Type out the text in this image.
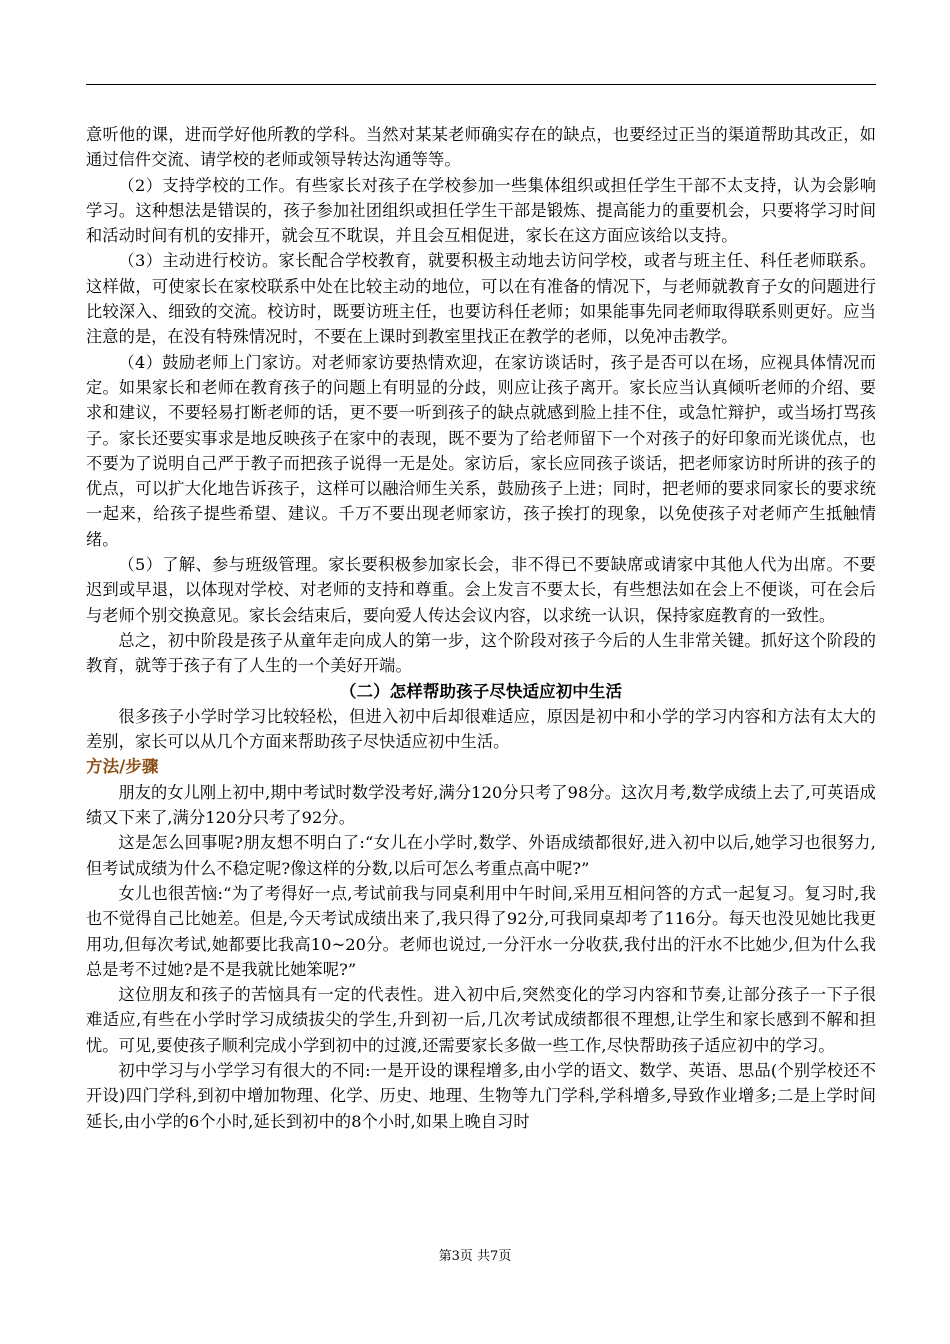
意听他的课，进而学好他所教的学科。当然对某某老师确实存在的缺点，也要经过正当的渠道帮助其改正，如通过信件交流、请学校的老师或领导转达沟通等等。

（2）支持学校的工作。有些家长对孩子在学校参加一些集体组织或担任学生干部不太支持，认为会影响学习。这种想法是错误的，孩子参加社团组织或担任学生干部是锻炼、提高能力的重要机会，只要将学习时间和活动时间有机的安排开，就会互不耽误，并且会互相促进，家长在这方面应该给以支持。

（3）主动进行校访。家长配合学校教育，就要积极主动地去访问学校，或者与班主任、科任老师联系。这样做，可使家长在家校联系中处在比较主动的地位，可以在有准备的情况下，与老师就教育子女的问题进行比较深入、细致的交流。校访时，既要访班主任，也要访科任老师；如果能事先同老师取得联系则更好。应当注意的是，在没有特殊情况时，不要在上课时到教室里找正在教学的老师，以免冲击教学。

（4）鼓励老师上门家访。对老师家访要热情欢迎，在家访谈话时，孩子是否可以在场，应视具体情况而定。如果家长和老师在教育孩子的问题上有明显的分歧，则应让孩子离开。家长应当认真倾听老师的介绍、要求和建议，不要轻易打断老师的话，更不要一听到孩子的缺点就感到脸上挂不住，或急忙辩护，或当场打骂孩子。家长还要实事求是地反映孩子在家中的表现，既不要为了给老师留下一个对孩子的好印象而光谈优点，也不要为了说明自己严于教子而把孩子说得一无是处。家访后，家长应同孩子谈话，把老师家访时所讲的孩子的优点，可以扩大化地告诉孩子，这样可以融洽师生关系，鼓励孩子上进；同时，把老师的要求同家长的要求统一起来，给孩子提些希望、建议。千万不要出现老师家访，孩子挨打的现象，以免使孩子对老师产生抵触情绪。

（5）了解、参与班级管理。家长要积极参加家长会，非不得已不要缺席或请家中其他人代为出席。不要迟到或早退，以体现对学校、对老师的支持和尊重。会上发言不要太长，有些想法如在会上不便谈，可在会后与老师个别交换意见。家长会结束后，要向爱人传达会议内容，以求统一认识，保持家庭教育的一致性。

总之，初中阶段是孩子从童年走向成人的第一步，这个阶段对孩子今后的人生非常关键。抓好这个阶段的教育，就等于孩子有了人生的一个美好开端。

（二）怎样帮助孩子尽快适应初中生活

很多孩子小学时学习比较轻松，但进入初中后却很难适应，原因是初中和小学的学习内容和方法有太大的差别，家长可以从几个方面来帮助孩子尽快适应初中生活。

方法/步骤

朋友的女儿刚上初中,期中考试时数学没考好,满分120分只考了98分。这次月考,数学成绩上去了,可英语成绩又下来了,满分120分只考了92分。

这是怎么回事呢?朋友想不明白了:“女儿在小学时,数学、外语成绩都很好,进入初中以后,她学习也很努力,但考试成绩为什么不稳定呢?像这样的分数,以后可怎么考重点高中呢?”

女儿也很苦恼:“为了考得好一点,考试前我与同桌利用中午时间,采用互相问答的方式一起复习。复习时,我也不觉得自己比她差。但是,今天考试成绩出来了,我只得了92分,可我同桌却考了116分。每天也没见她比我更用功,但每次考试,她都要比我高10~20分。老师也说过,一分汗水一分收获,我付出的汗水不比她少,但为什么我总是考不过她?是不是我就比她笨呢?”

这位朋友和孩子的苦恼具有一定的代表性。进入初中后,突然变化的学习内容和节奏,让部分孩子一下子很难适应,有些在小学时学习成绩拔尖的学生,升到初一后,几次考试成绩都很不理想,让学生和家长感到不解和担忧。可见,要使孩子顺利完成小学到初中的过渡,还需要家长多做一些工作,尽快帮助孩子适应初中的学习。

初中学习与小学学习有很大的不同:一是开设的课程增多,由小学的语文、数学、英语、思品(个别学校还不开设)四门学科,到初中增加物理、化学、历史、地理、生物等九门学科,学科增多,导致作业增多;二是上学时间延长,由小学的6个小时,延长到初中的8个小时,如果上晚自习时

第3页 共7页
